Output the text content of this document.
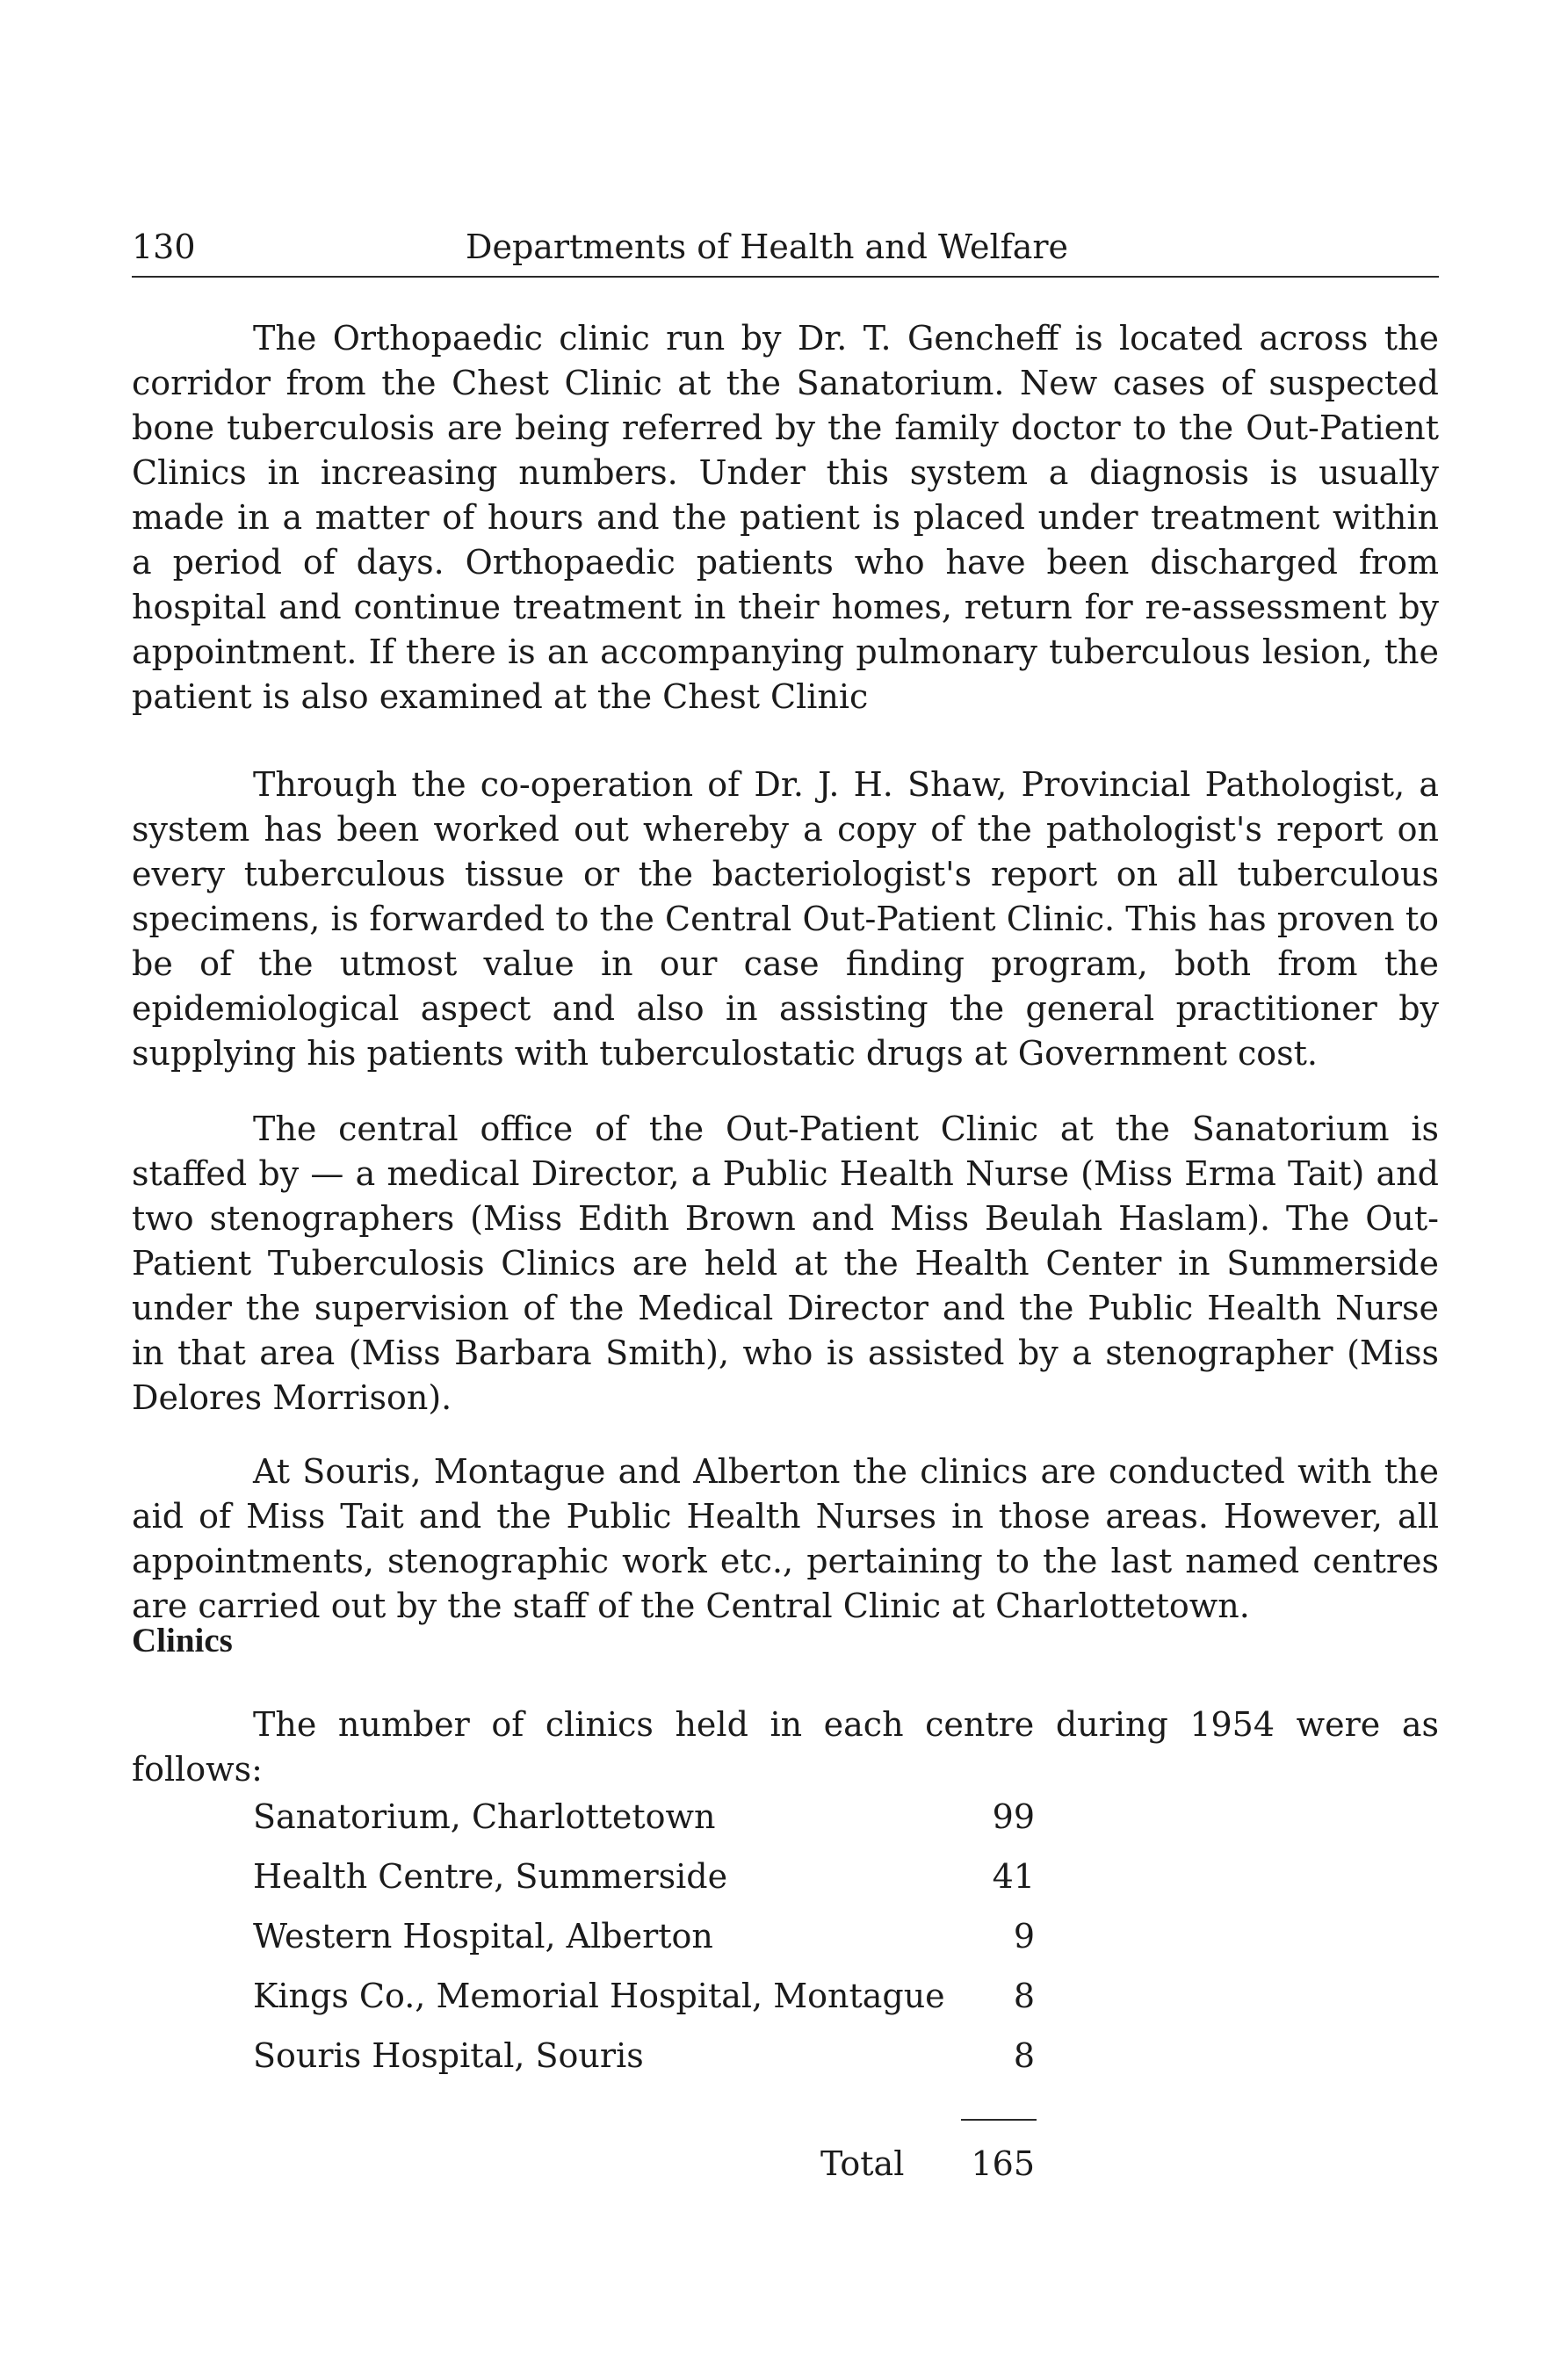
130	Departments of Health and Welfare

The Orthopaedic clinic run by Dr. T. Gencheff is located across the corridor from the Chest Clinic at the Sanatorium. New cases of suspected bone tuberculosis are being referred by the family doctor to the Out-Patient Clinics in increasing numbers. Under this system a diagnosis is usually made in a matter of hours and the patient is placed under treatment within a period of days. Orthopaedic patients who have been discharged from hospital and continue treatment in their homes, return for re-assessment by appointment. If there is an accompanying pulmonary tuberculous lesion, the patient is also examined at the Chest Clinic

Through the co-operation of Dr. J. H. Shaw, Provincial Pathologist, a system has been worked out whereby a copy of the pathologist's report on every tuberculous tissue or the bacteriologist's report on all tuberculous specimens, is forwarded to the Central Out-Patient Clinic. This has proven to be of the utmost value in our case finding program, both from the epidemiological aspect and also in assisting the general practitioner by supplying his patients with tuberculostatic drugs at Government cost.

The central office of the Out-Patient Clinic at the Sanatorium is staffed by — a medical Director, a Public Health Nurse (Miss Erma Tait) and two stenographers (Miss Edith Brown and Miss Beulah Haslam). The Out-Patient Tuberculosis Clinics are held at the Health Center in Summerside under the supervision of the Medical Director and the Public Health Nurse in that area (Miss Barbara Smith), who is assisted by a stenographer (Miss Delores Morrison).

At Souris, Montague and Alberton the clinics are conducted with the aid of Miss Tait and the Public Health Nurses in those areas. However, all appointments, stenographic work etc., pertaining to the last named centres are carried out by the staff of the Central Clinic at Charlottetown.

Clinics

The number of clinics held in each centre during 1954 were as follows:

Sanatorium, Charlottetown	99
Health Centre, Summerside	41
Western Hospital, Alberton	9
Kings Co., Memorial Hospital, Montague 8
Souris Hospital, Souris	8
Total 165
